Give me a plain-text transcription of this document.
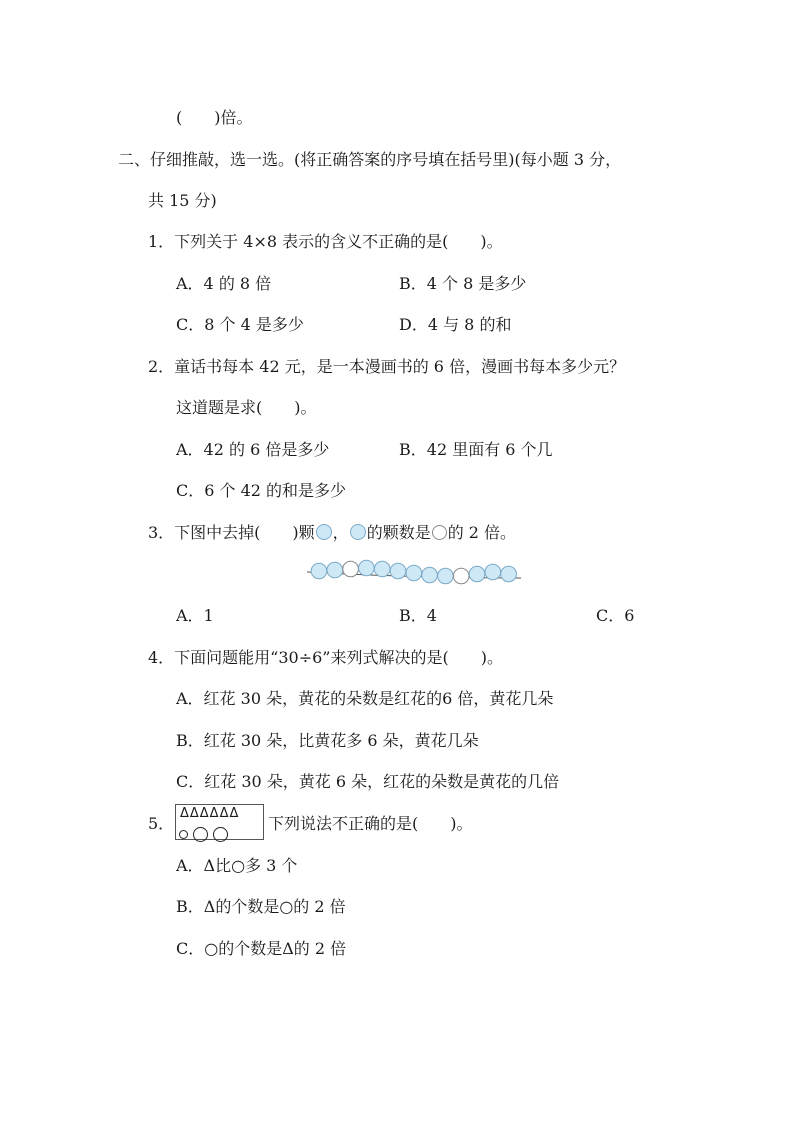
(　　)倍。
二、仔细推敲，选一选。(将正确答案的序号填在括号里)(每小题 3 分，
共 15 分)
1．下列关于 4×8 表示的含义不正确的是(　　)。
A．4 的 8 倍	B．4 个 8 是多少
C．8 个 4 是多少	D．4 与 8 的和
2．童话书每本 42 元，是一本漫画书的 6 倍，漫画书每本多少元？
这道题是求(　　)。
A．42 的 6 倍是多少	B．42 里面有 6 个几
C．6 个 42 的和是多少
3．下图中去掉(　　)颗 ， 的颗数是 的 2 倍。
A．1	B．4	C．6
4．下面问题能用“30÷6”来列式解决的是(　　)。
A．红花 30 朵，黄花的朵数是红花的6 倍，黄花几朵
B．红花 30 朵，比黄花多 6 朵，黄花几朵
C．红花 30 朵，黄花 6 朵，红花的朵数是黄花的几倍
5．
ΔΔΔΔΔΔ

下列说法不正确的是(　　)。
A．Δ比○多 3 个
B．Δ的个数是○的 2 倍
C．○的个数是Δ的 2 倍
